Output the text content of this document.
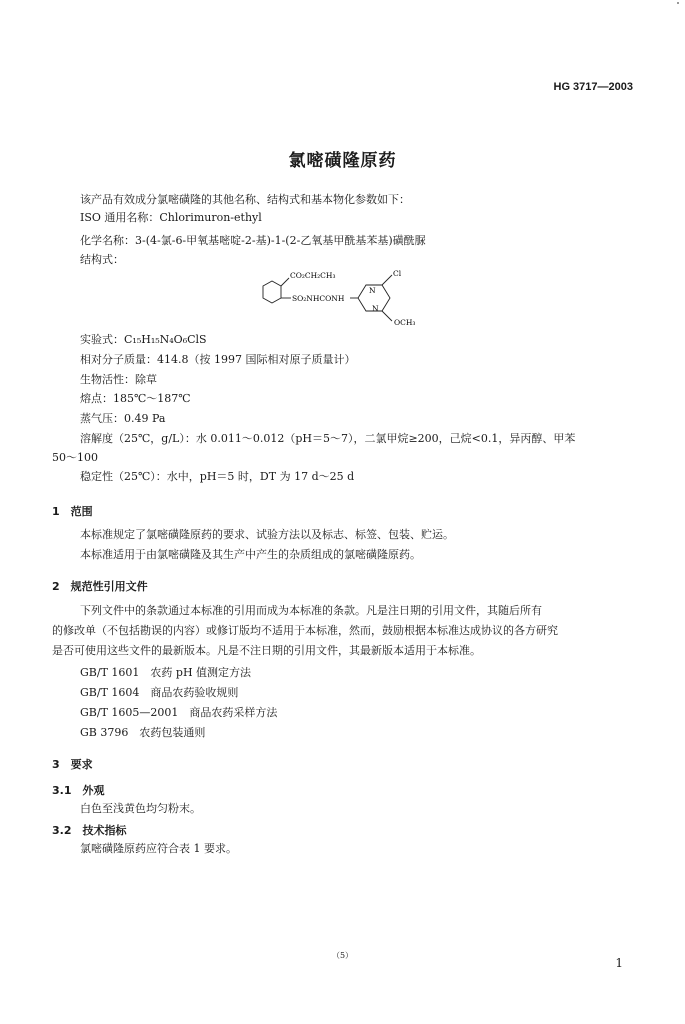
HG 3717—2003
氯嘧磺隆原药
该产品有效成分氯嘧磺隆的其他名称、结构式和基本物化参数如下：
ISO 通用名称：Chlorimuron-ethyl
化学名称：3-(4-氯-6-甲氧基嘧啶-2-基)-1-(2-乙氧基甲酰基苯基)磺酰脲
结构式：
CO₂CH₂CH₃
SO₂NHCONH
Cl
N
N
OCH₃
实验式：C₁₅H₁₅N₄O₆ClS
相对分子质量：414.8（按 1997 国际相对原子质量计）
生物活性：除草
熔点：185℃～187℃
蒸气压：0.49 Pa
溶解度（25℃，g/L）：水 0.011～0.012（pH＝5～7），二氯甲烷≥200，己烷<0.1，异丙醇、甲苯
50～100
稳定性（25℃）：水中，pH＝5 时，DT 为 17 d～25 d
1　范围
本标准规定了氯嘧磺隆原药的要求、试验方法以及标志、标签、包装、贮运。
本标准适用于由氯嘧磺隆及其生产中产生的杂质组成的氯嘧磺隆原药。
2　规范性引用文件
下列文件中的条款通过本标准的引用而成为本标准的条款。凡是注日期的引用文件，其随后所有
的修改单（不包括勘误的内容）或修订版均不适用于本标准，然而，鼓励根据本标准达成协议的各方研究
是否可使用这些文件的最新版本。凡是不注日期的引用文件，其最新版本适用于本标准。
GB/T 1601　农药 pH 值测定方法
GB/T 1604　商品农药验收规则
GB/T 1605—2001　商品农药采样方法
GB 3796　农药包装通则
3　要求
3.1　外观
白色至浅黄色均匀粉末。
3.2　技术指标
氯嘧磺隆原药应符合表 1 要求。
（5）
1
